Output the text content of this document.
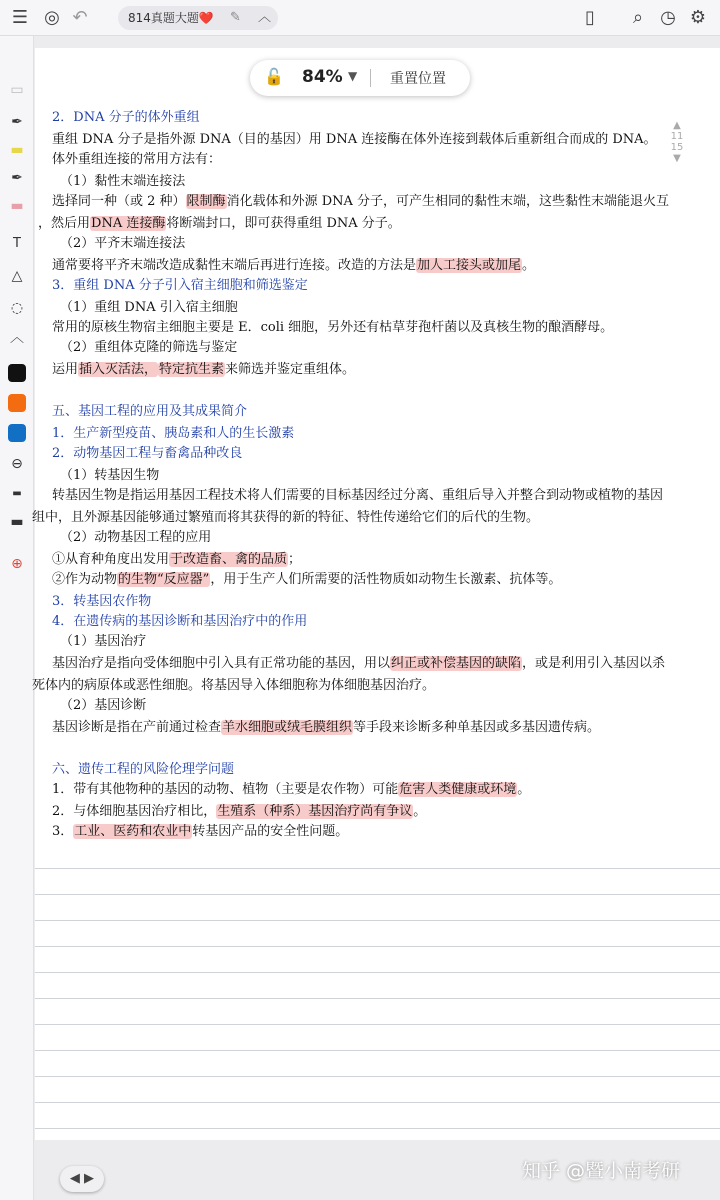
☰ ◎ ↶	814真题大题❤️ ✎ ︿	▯	⌕ ◷ ⚙
▭
✒
▬
✒
▬
T
△
◌
︿
⊖
▬
▬
⊕
🔓 84% ▼ 重置位置
▲
11
15
▼
2．DNA 分子的体外重组
重组 DNA 分子是指外源 DNA（目的基因）用 DNA 连接酶在体外连接到载体后重新组合而成的 DNA。
体外重组连接的常用方法有：
（1）黏性末端连接法
选择同一种（或 2 种）限制酶消化载体和外源 DNA 分子，可产生相同的黏性末端，这些黏性末端能退火互
，然后用DNA 连接酶将断端封口，即可获得重组 DNA 分子。
（2）平齐末端连接法
通常要将平齐末端改造成黏性末端后再进行连接。改造的方法是加人工接头或加尾。
3．重组 DNA 分子引入宿主细胞和筛选鉴定
（1）重组 DNA 引入宿主细胞
常用的原核生物宿主细胞主要是 E．coli 细胞，另外还有枯草芽孢杆菌以及真核生物的酿酒酵母。
（2）重组体克隆的筛选与鉴定
运用插入灭活法， 特定抗生素来筛选并鉴定重组体。
五、基因工程的应用及其成果简介
1．生产新型疫苗、胰岛素和人的生长激素
2．动物基因工程与畜禽品种改良
（1）转基因生物
转基因生物是指运用基因工程技术将人们需要的目标基因经过分离、重组后导入并整合到动物或植物的基因
组中，且外源基因能够通过繁殖而将其获得的新的特征、特性传递给它们的后代的生物。
（2）动物基因工程的应用
①从育种角度出发用于改造畜、禽的品质；
②作为动物的生物“反应器”，用于生产人们所需要的活性物质如动物生长激素、抗体等。
3．转基因农作物
4．在遗传病的基因诊断和基因治疗中的作用
（1）基因治疗
基因治疗是指向受体细胞中引入具有正常功能的基因，用以纠正或补偿基因的缺陷，或是利用引入基因以杀
死体内的病原体或恶性细胞。将基因导入体细胞称为体细胞基因治疗。
（2）基因诊断
基因诊断是指在产前通过检查羊水细胞或绒毛膜组织等手段来诊断多种单基因或多基因遗传病。
六、遗传工程的风险伦理学问题
1．带有其他物种的基因的动物、植物（主要是农作物）可能危害人类健康或环境。
2．与体细胞基因治疗相比，生殖系（种系）基因治疗尚有争议。
3．工业、医药和农业中转基因产品的安全性问题。
◀ ▶	知乎 @暨小南考研
